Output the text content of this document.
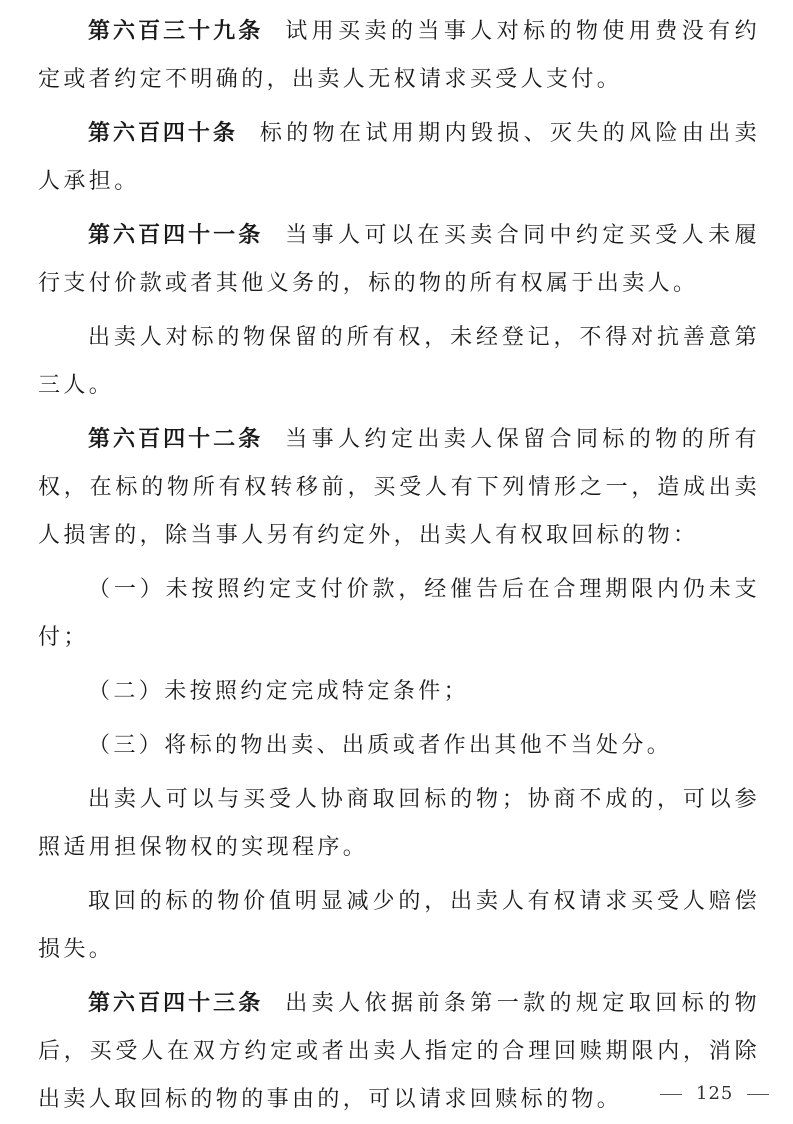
第六百三十九条 试用买卖的当事人对标的物使用费没有约定或者约定不明确的，出卖人无权请求买受人支付。

第六百四十条 标的物在试用期内毁损、灭失的风险由出卖人承担。

第六百四十一条 当事人可以在买卖合同中约定买受人未履行支付价款或者其他义务的，标的物的所有权属于出卖人。

出卖人对标的物保留的所有权，未经登记，不得对抗善意第三人。

第六百四十二条 当事人约定出卖人保留合同标的物的所有权，在标的物所有权转移前，买受人有下列情形之一，造成出卖人损害的，除当事人另有约定外，出卖人有权取回标的物：

（一）未按照约定支付价款，经催告后在合理期限内仍未支付；

（二）未按照约定完成特定条件；

（三）将标的物出卖、出质或者作出其他不当处分。

出卖人可以与买受人协商取回标的物；协商不成的，可以参照适用担保物权的实现程序。

取回的标的物价值明显减少的，出卖人有权请求买受人赔偿损失。

第六百四十三条 出卖人依据前条第一款的规定取回标的物后，买受人在双方约定或者出卖人指定的合理回赎期限内，消除出卖人取回标的物的事由的，可以请求回赎标的物。	125
